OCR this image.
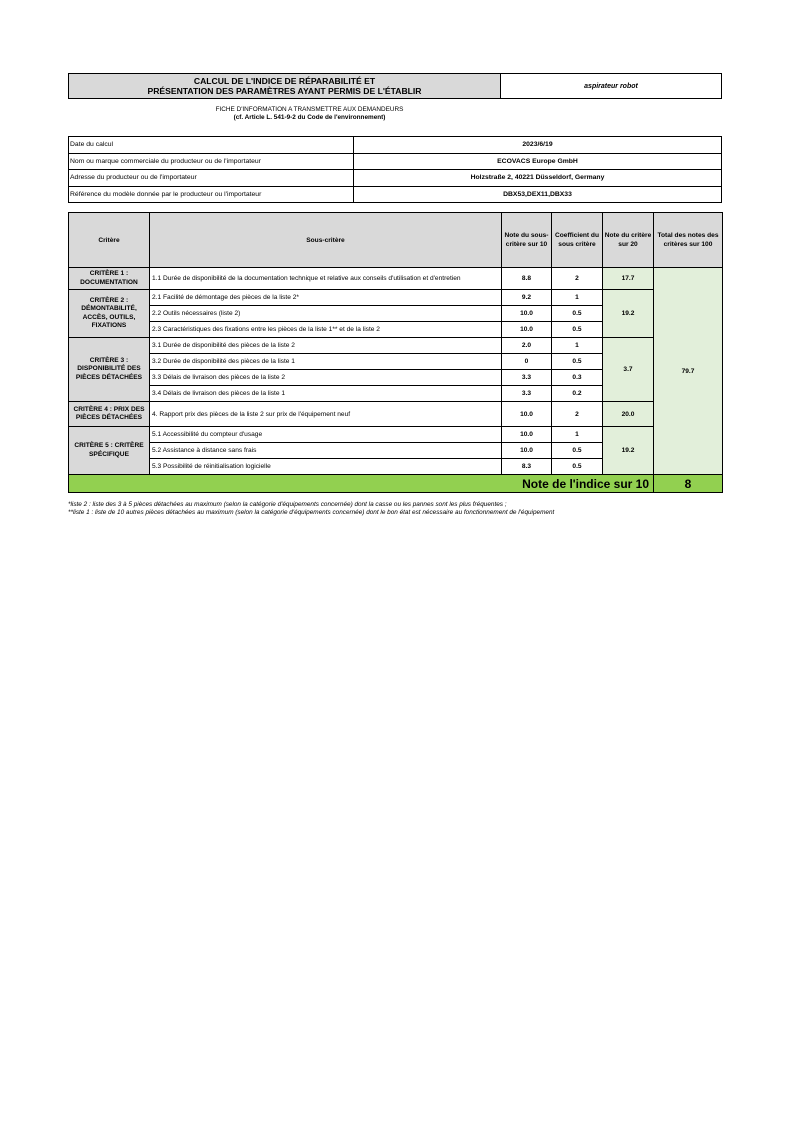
CALCUL DE L'INDICE DE RÉPARABILITÉ ET
PRÉSENTATION DES PARAMÈTRES AYANT PERMIS DE L'ÉTABLIR	aspirateur robot
FICHE D'INFORMATION A TRANSMETTRE AUX DEMANDEURS
(cf. Article L. 541-9-2 du Code de l'environnement)
Date du calcul	2023/6/19
Nom ou marque commerciale du producteur ou de l'importateur	ECOVACS Europe GmbH
Adresse du producteur ou de l'importateur	Holzstraße 2, 40221 Düsseldorf, Germany
Référence du modèle donnée par le producteur ou l'importateur	DBX53,DEX11,DBX33
Critère	Sous-critère	Note du sous-critère sur 10	Coefficient du sous critère	Note du critère sur 20	Total des notes des critères sur 100
CRITÈRE 1 : DOCUMENTATION	1.1 Durée de disponibilité de la documentation technique et relative aux conseils d'utilisation et d'entretien	8.8	2	17.7	79.7
CRITÈRE 2 : DÉMONTABILITÉ, ACCÈS, OUTILS, FIXATIONS	2.1 Facilité de démontage des pièces de la liste 2*	9.2	1	19.2	
	2.2 Outils nécessaires (liste 2)	10.0	0.5		
	2.3 Caractéristiques des fixations entre les pièces de la liste 1** et de la liste 2	10.0	0.5		
CRITÈRE 3 : DISPONIBILITÉ DES PIÈCES DÉTACHÉES	3.1 Durée de disponibilité des pièces de la liste 2	2.0	1	3.7	
	3.2 Durée de disponibilité des pièces de la liste 1	0	0.5		
	3.3 Délais de livraison des pièces de la liste 2	3.3	0.3		
	3.4 Délais de livraison des pièces de la liste 1	3.3	0.2		
CRITÈRE 4 : PRIX DES PIÈCES DÉTACHÉES	4. Rapport prix des pièces de la liste 2 sur prix de l'équipement neuf	10.0	2	20.0	
CRITÈRE 5 : CRITÈRE SPÉCIFIQUE	5.1 Accessibilité du compteur d'usage	10.0	1	19.2	
	5.2 Assistance à distance sans frais	10.0	0.5		
	5.3 Possibilité de réinitialisation logicielle	8.3	0.5		
Note de l'indice sur 10					8
*liste 2 : liste des 3 à 5 pièces détachées au maximum (selon la catégorie d'équipements concernée) dont la casse ou les pannes sont les plus fréquentes ;
**liste 1 : liste de 10 autres pièces détachées au maximum (selon la catégorie d'équipements concernée) dont le bon état est nécessaire au fonctionnement de l'équipement
